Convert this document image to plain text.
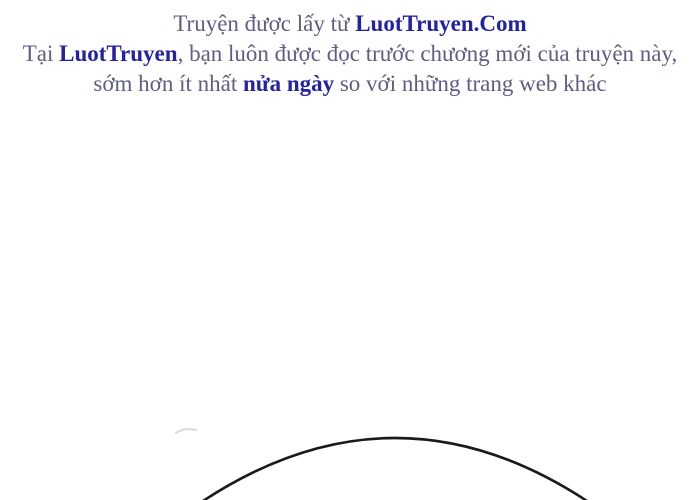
Truyện được lấy từ LuotTruyen.Com
Tại LuotTruyen, bạn luôn được đọc trước chương mới của truyện này,
sớm hơn ít nhất nửa ngày so với những trang web khác
